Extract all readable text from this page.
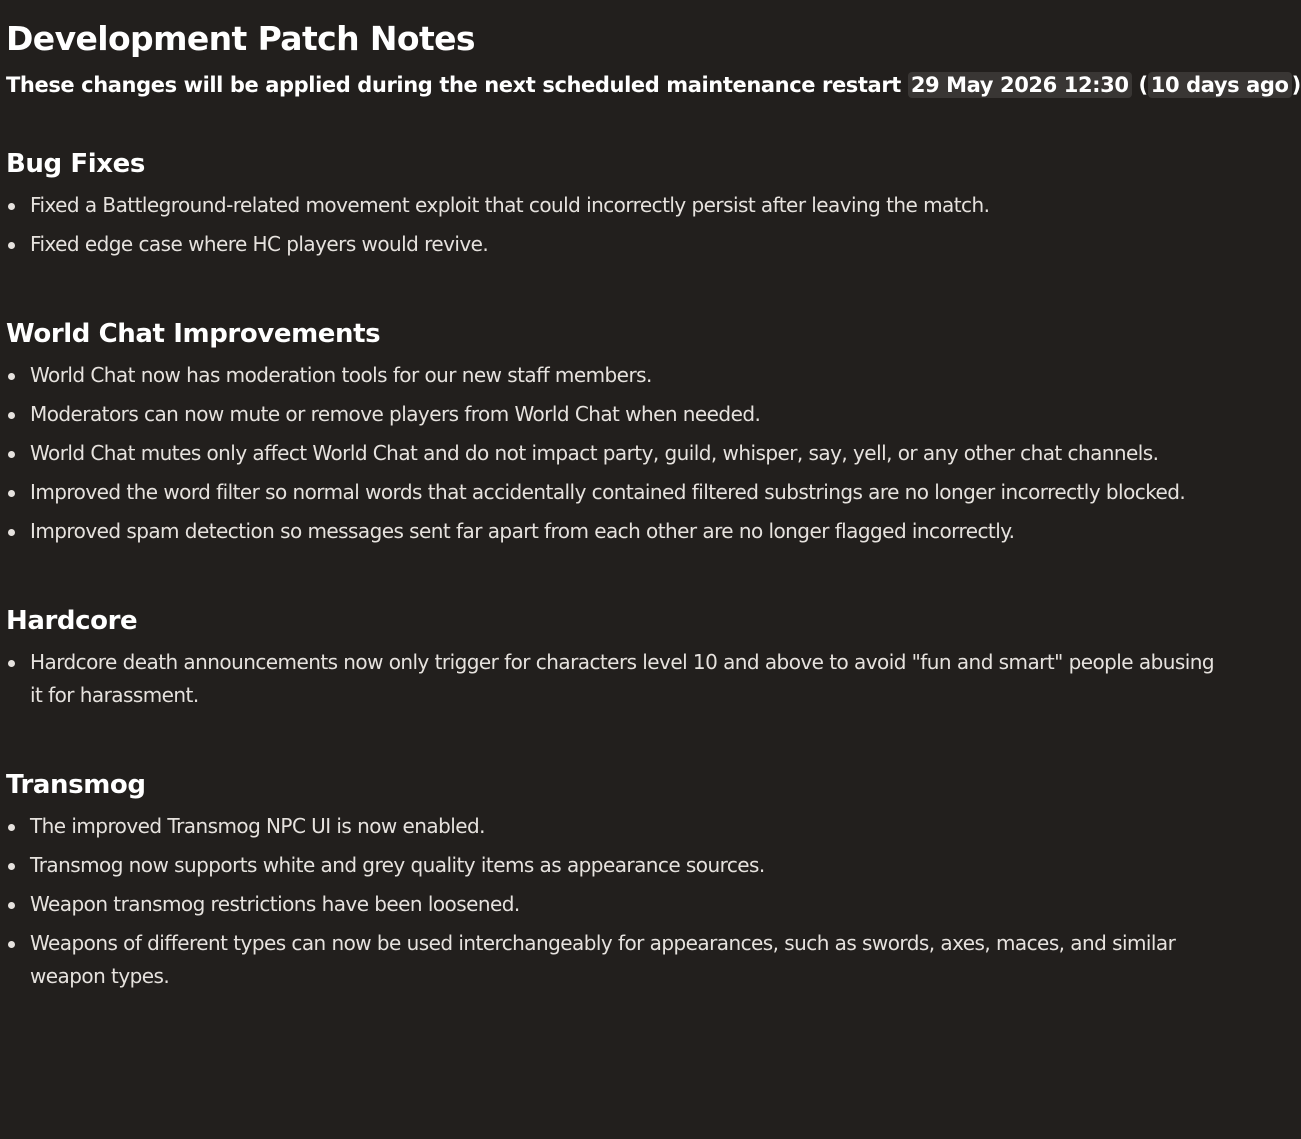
Development Patch Notes

These changes will be applied during the next scheduled maintenance restart 29 May 2026 12:30 ( 10 days ago )

Bug Fixes
Fixed a Battleground-related movement exploit that could incorrectly persist after leaving the match.
Fixed edge case where HC players would revive.
World Chat Improvements
World Chat now has moderation tools for our new staff members.
Moderators can now mute or remove players from World Chat when needed.
World Chat mutes only affect World Chat and do not impact party, guild, whisper, say, yell, or any other chat channels.
Improved the word filter so normal words that accidentally contained filtered substrings are no longer incorrectly blocked.
Improved spam detection so messages sent far apart from each other are no longer flagged incorrectly.
Hardcore
Hardcore death announcements now only trigger for characters level 10 and above to avoid "fun and smart" people abusing it for harassment.
Transmog
The improved Transmog NPC UI is now enabled.
Transmog now supports white and grey quality items as appearance sources.
Weapon transmog restrictions have been loosened.
Weapons of different types can now be used interchangeably for appearances, such as swords, axes, maces, and similar weapon types.
